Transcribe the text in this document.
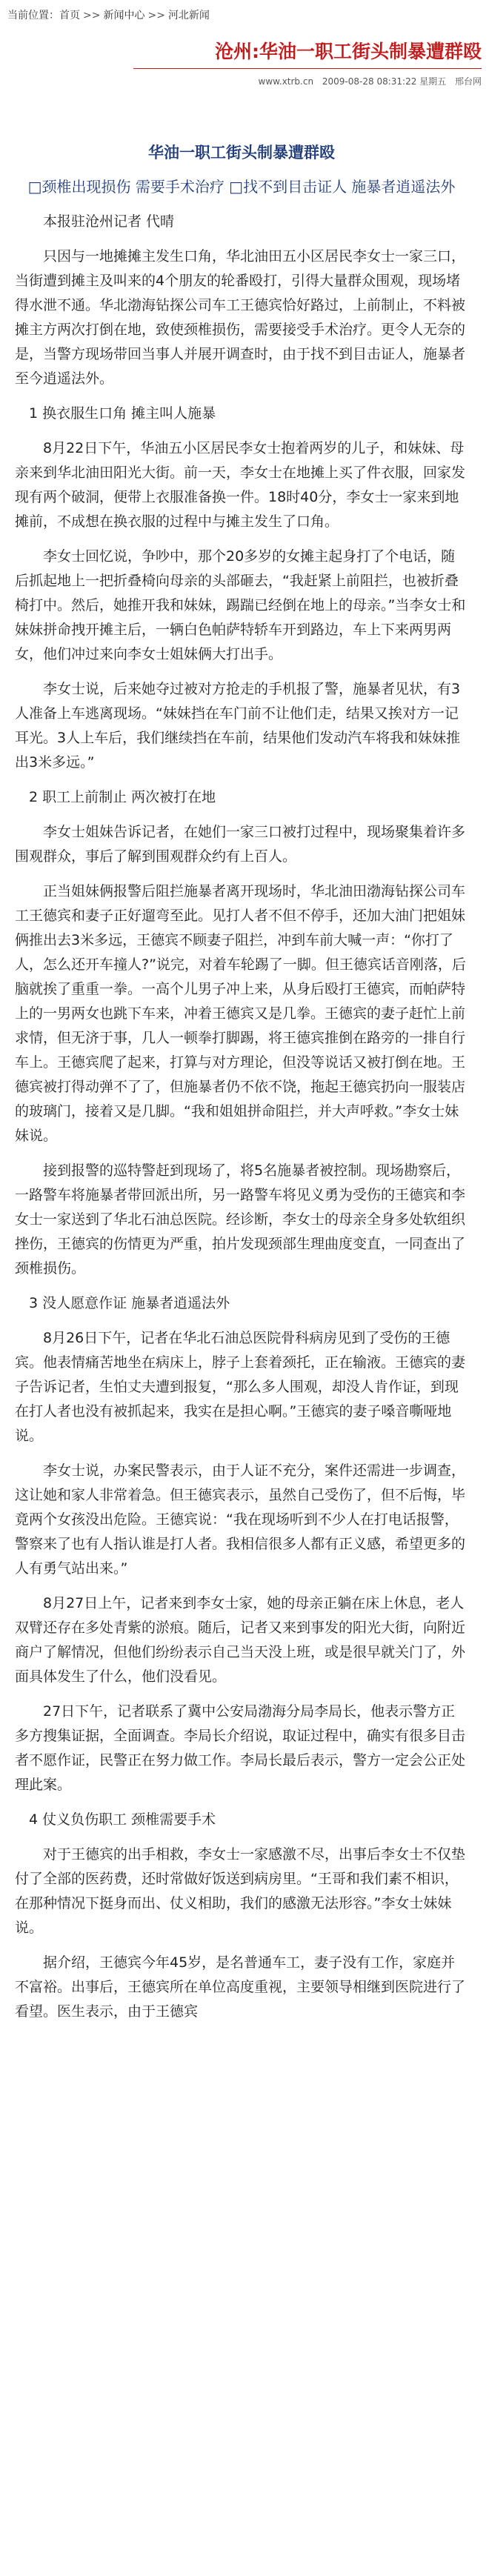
当前位置：首页 >> 新闻中心 >> 河北新闻
沧州:华油一职工街头制暴遭群殴
www.xtrb.cn 2009-08-28 08:31:22 星期五 邢台网
华油一职工街头制暴遭群殴
□颈椎出现损伤 需要手术治疗 □找不到目击证人 施暴者逍遥法外

本报驻沧州记者 代晴

只因与一地摊摊主发生口角，华北油田五小区居民李女士一家三口，当街遭到摊主及叫来的4个朋友的轮番殴打，引得大量群众围观，现场堵得水泄不通。华北渤海钻探公司车工王德宾恰好路过，上前制止，不料被摊主方两次打倒在地，致使颈椎损伤，需要接受手术治疗。更令人无奈的是，当警方现场带回当事人并展开调查时，由于找不到目击证人，施暴者至今逍遥法外。

1 换衣服生口角 摊主叫人施暴

8月22日下午，华油五小区居民李女士抱着两岁的儿子，和妹妹、母亲来到华北油田阳光大街。前一天，李女士在地摊上买了件衣服，回家发现有两个破洞，便带上衣服准备换一件。18时40分，李女士一家来到地摊前，不成想在换衣服的过程中与摊主发生了口角。

李女士回忆说，争吵中，那个20多岁的女摊主起身打了个电话，随后抓起地上一把折叠椅向母亲的头部砸去，“我赶紧上前阻拦，也被折叠椅打中。然后，她推开我和妹妹，踢踹已经倒在地上的母亲。”当李女士和妹妹拼命拽开摊主后，一辆白色帕萨特轿车开到路边，车上下来两男两女，他们冲过来向李女士姐妹俩大打出手。

李女士说，后来她夺过被对方抢走的手机报了警，施暴者见状，有3人准备上车逃离现场。“妹妹挡在车门前不让他们走，结果又挨对方一记耳光。3人上车后，我们继续挡在车前，结果他们发动汽车将我和妹妹推出3米多远。”

2 职工上前制止 两次被打在地

李女士姐妹告诉记者，在她们一家三口被打过程中，现场聚集着许多围观群众，事后了解到围观群众约有上百人。

正当姐妹俩报警后阻拦施暴者离开现场时，华北油田渤海钻探公司车工王德宾和妻子正好遛弯至此。见打人者不但不停手，还加大油门把姐妹俩推出去3米多远，王德宾不顾妻子阻拦，冲到车前大喊一声：“你打了人，怎么还开车撞人?”说完，对着车轮踢了一脚。但王德宾话音刚落，后脑就挨了重重一拳。一高个儿男子冲上来，从身后殴打王德宾，而帕萨特上的一男两女也跳下车来，冲着王德宾又是几拳。王德宾的妻子赶忙上前求情，但无济于事，几人一顿拳打脚踢，将王德宾推倒在路旁的一排自行车上。王德宾爬了起来，打算与对方理论，但没等说话又被打倒在地。王德宾被打得动弹不了了，但施暴者仍不依不饶，拖起王德宾扔向一服装店的玻璃门，接着又是几脚。“我和姐姐拼命阻拦，并大声呼救。”李女士妹妹说。

接到报警的巡特警赶到现场了，将5名施暴者被控制。现场勘察后，一路警车将施暴者带回派出所，另一路警车将见义勇为受伤的王德宾和李女士一家送到了华北石油总医院。经诊断，李女士的母亲全身多处软组织挫伤，王德宾的伤情更为严重，拍片发现颈部生理曲度变直，一同查出了颈椎损伤。

3 没人愿意作证 施暴者逍遥法外

8月26日下午，记者在华北石油总医院骨科病房见到了受伤的王德宾。他表情痛苦地坐在病床上，脖子上套着颈托，正在输液。王德宾的妻子告诉记者，生怕丈夫遭到报复，“那么多人围观，却没人肯作证，到现在打人者也没有被抓起来，我实在是担心啊。”王德宾的妻子嗓音嘶哑地说。

李女士说，办案民警表示，由于人证不充分，案件还需进一步调查，这让她和家人非常着急。但王德宾表示，虽然自己受伤了，但不后悔，毕竟两个女孩没出危险。王德宾说：“我在现场听到不少人在打电话报警，警察来了也有人指认谁是打人者。我相信很多人都有正义感，希望更多的人有勇气站出来。”

8月27日上午，记者来到李女士家，她的母亲正躺在床上休息，老人双臂还存在多处青紫的淤痕。随后，记者又来到事发的阳光大街，向附近商户了解情况，但他们纷纷表示自己当天没上班，或是很早就关门了，外面具体发生了什么，他们没看见。

27日下午，记者联系了冀中公安局渤海分局李局长，他表示警方正多方搜集证据，全面调查。李局长介绍说，取证过程中，确实有很多目击者不愿作证，民警正在努力做工作。李局长最后表示，警方一定会公正处理此案。

4 仗义负伤职工 颈椎需要手术

对于王德宾的出手相救，李女士一家感激不尽，出事后李女士不仅垫付了全部的医药费，还时常做好饭送到病房里。“王哥和我们素不相识，在那种情况下挺身而出、仗义相助，我们的感激无法形容。”李女士妹妹说。

据介绍，王德宾今年45岁，是名普通车工，妻子没有工作，家庭并不富裕。出事后，王德宾所在单位高度重视，主要领导相继到医院进行了看望。医生表示，由于王德宾
